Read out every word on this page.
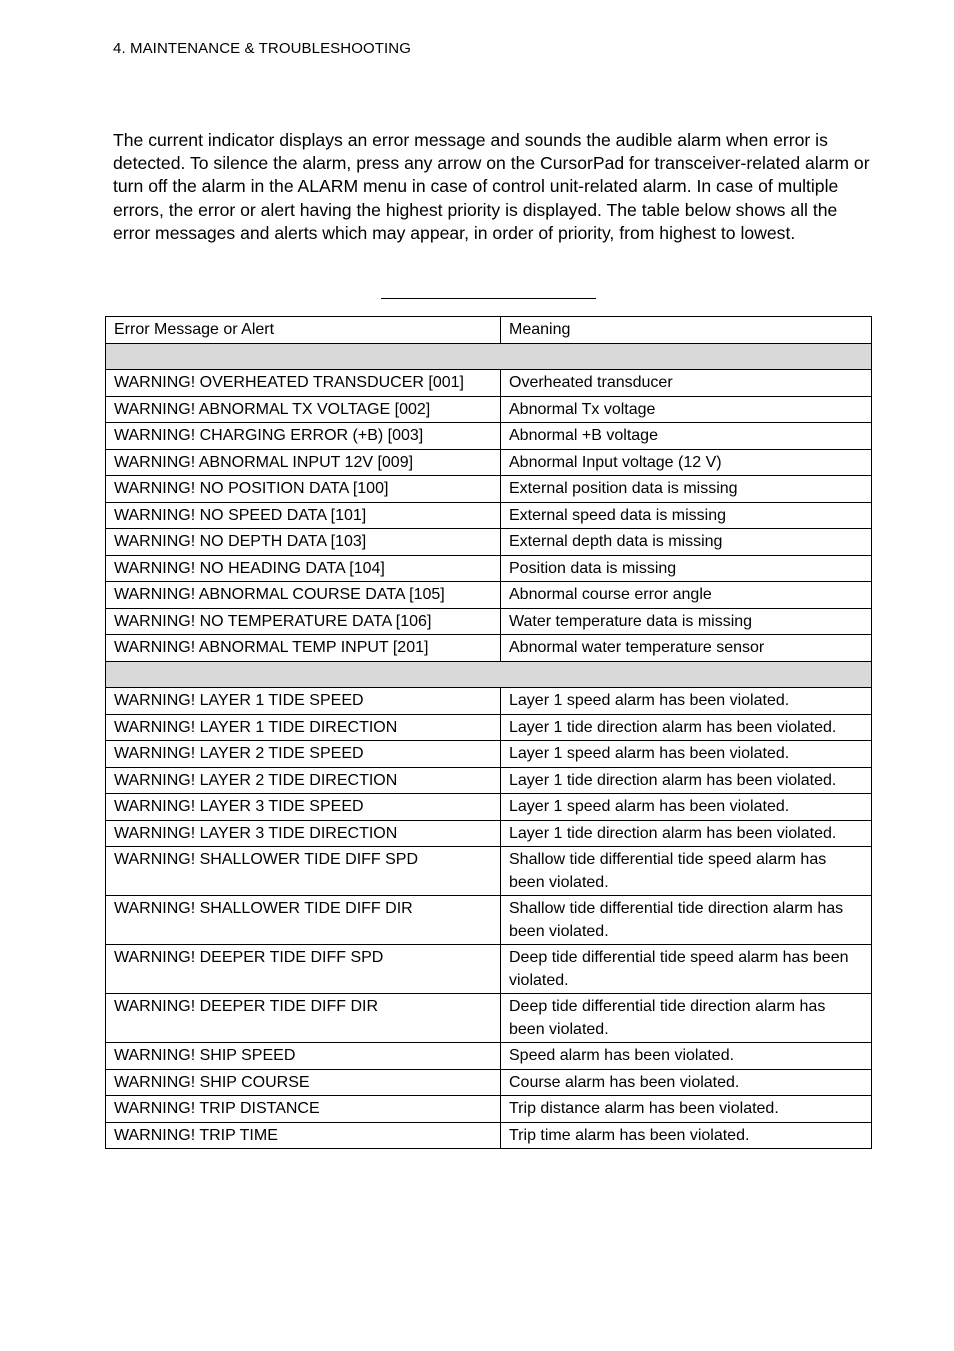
4. MAINTENANCE & TROUBLESHOOTING
The current indicator displays an error message and sounds the audible alarm when error is detected. To silence the alarm, press any arrow on the CursorPad for transceiver-related alarm or turn off the alarm in the ALARM menu in case of control unit-related alarm. In case of multiple errors, the error or alert having the highest priority is displayed. The table below shows all the error messages and alerts which may appear, in order of priority, from highest to lowest.
Error Message or Alert	Meaning

WARNING! OVERHEATED TRANSDUCER [001]	Overheated transducer
WARNING! ABNORMAL TX VOLTAGE [002]	Abnormal Tx voltage
WARNING! CHARGING ERROR (+B) [003]	Abnormal +B voltage
WARNING! ABNORMAL INPUT 12V [009]	Abnormal Input voltage (12 V)
WARNING! NO POSITION DATA [100]	External position data is missing
WARNING! NO SPEED DATA [101]	External speed data is missing
WARNING! NO DEPTH DATA [103]	External depth data is missing
WARNING! NO HEADING DATA [104]	Position data is missing
WARNING! ABNORMAL COURSE DATA [105]	Abnormal course error angle
WARNING! NO TEMPERATURE DATA [106]	Water temperature data is missing
WARNING! ABNORMAL TEMP INPUT [201]	Abnormal water temperature sensor

WARNING! LAYER 1 TIDE SPEED	Layer 1 speed alarm has been violated.
WARNING! LAYER 1 TIDE DIRECTION	Layer 1 tide direction alarm has been violated.
WARNING! LAYER 2 TIDE SPEED	Layer 1 speed alarm has been violated.
WARNING! LAYER 2 TIDE DIRECTION	Layer 1 tide direction alarm has been violated.
WARNING! LAYER 3 TIDE SPEED	Layer 1 speed alarm has been violated.
WARNING! LAYER 3 TIDE DIRECTION	Layer 1 tide direction alarm has been violated.
WARNING! SHALLOWER TIDE DIFF SPD	Shallow tide differential tide speed alarm has been violated.
WARNING! SHALLOWER TIDE DIFF DIR	Shallow tide differential tide direction alarm has been violated.
WARNING! DEEPER TIDE DIFF SPD	Deep tide differential tide speed alarm has been violated.
WARNING! DEEPER TIDE DIFF DIR	Deep tide differential tide direction alarm has been violated.
WARNING! SHIP SPEED	Speed alarm has been violated.
WARNING! SHIP COURSE	Course alarm has been violated.
WARNING! TRIP DISTANCE	Trip distance alarm has been violated.
WARNING! TRIP TIME	Trip time alarm has been violated.
